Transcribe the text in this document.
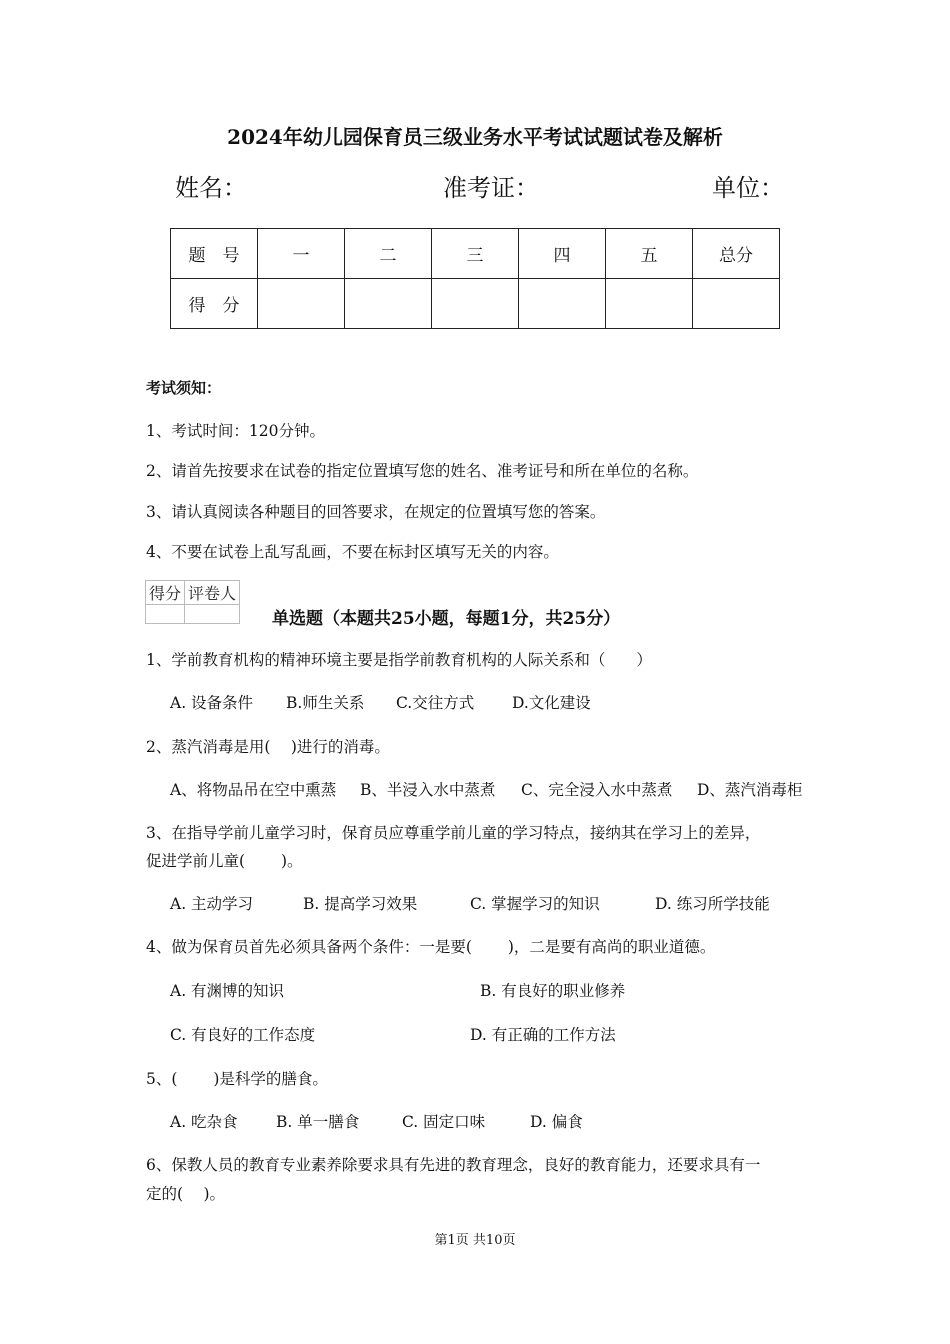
2024年幼儿园保育员三级业务水平考试试题试卷及解析
姓名：	准考证：	单位：
题　号	一	二	三	四	五	总分
得　分						
考试须知：
1、考试时间：120分钟。
2、请首先按要求在试卷的指定位置填写您的姓名、准考证号和所在单位的名称。
3、请认真阅读各种题目的回答要求，在规定的位置填写您的答案。
4、不要在试卷上乱写乱画，不要在标封区填写无关的内容。
得分	评卷人

单选题（本题共25小题，每题1分，共25分）
1、学前教育机构的精神环境主要是指学前教育机构的人际关系和（　　）
A. 设备条件 B.师生关系 C.交往方式 D.文化建设
2、蒸汽消毒是用(　 )进行的消毒。
A、将物品吊在空中熏蒸 B、半浸入水中蒸煮 C、完全浸入水中蒸煮 D、蒸汽消毒柜
3、在指导学前儿童学习时，保育员应尊重学前儿童的学习特点，接纳其在学习上的差异，
促进学前儿童(　　 )。
A. 主动学习	B. 提高学习效果	C. 掌握学习的知识	D. 练习所学技能
4、做为保育员首先必须具备两个条件：一是要(　　 )，二是要有高尚的职业道德。
A. 有渊博的知识	B. 有良好的职业修养
C. 有良好的工作态度	D. 有正确的工作方法
5、(　　 )是科学的膳食。
A. 吃杂食 B. 单一膳食	C. 固定口味	D. 偏食
6、保教人员的教育专业素养除要求具有先进的教育理念，良好的教育能力，还要求具有一
定的(　 )。
第1页 共10页
